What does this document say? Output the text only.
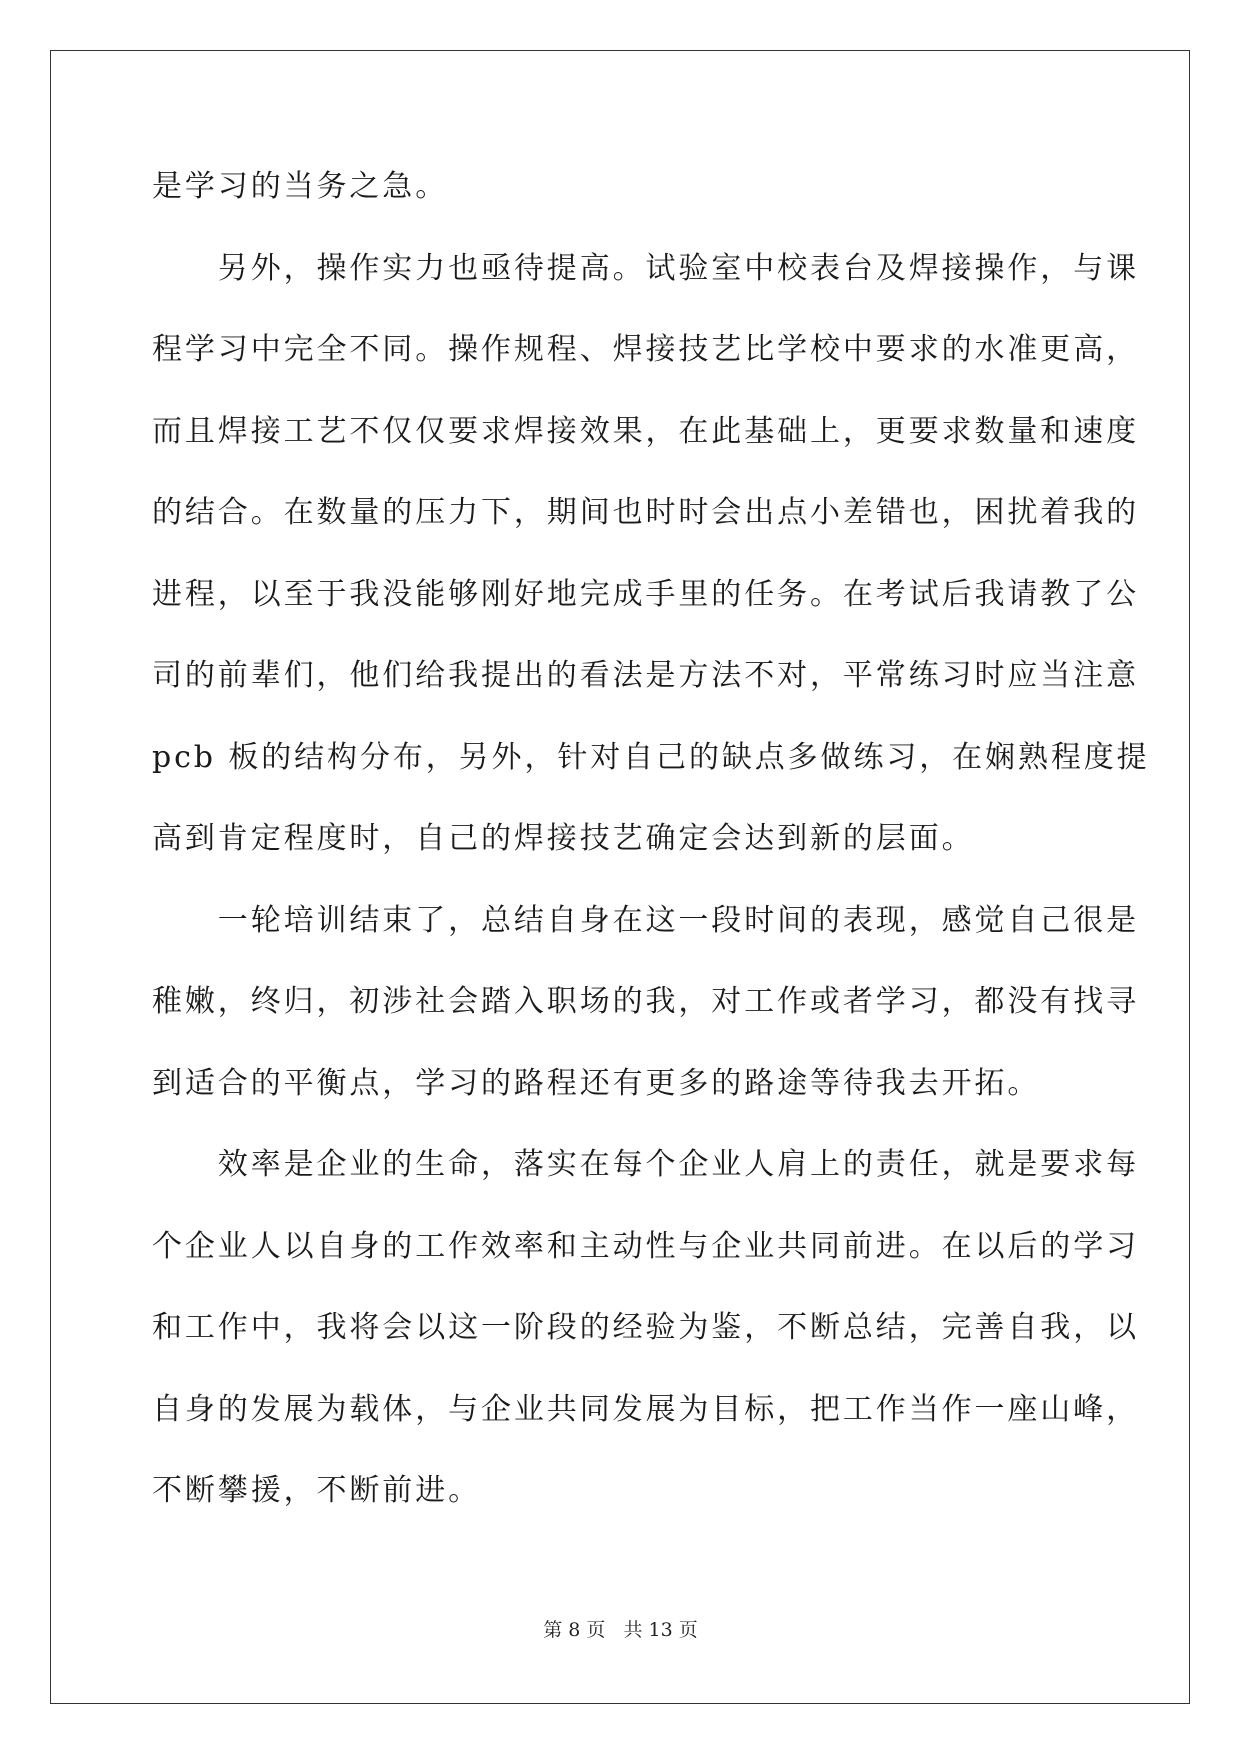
是学习的当务之急。
　　另外，操作实力也亟待提高。试验室中校表台及焊接操作，与课
程学习中完全不同。操作规程、焊接技艺比学校中要求的水准更高，
而且焊接工艺不仅仅要求焊接效果，在此基础上，更要求数量和速度
的结合。在数量的压力下，期间也时时会出点小差错也，困扰着我的
进程，以至于我没能够刚好地完成手里的任务。在考试后我请教了公
司的前辈们，他们给我提出的看法是方法不对，平常练习时应当注意
pcb 板的结构分布，另外，针对自己的缺点多做练习，在娴熟程度提
高到肯定程度时，自己的焊接技艺确定会达到新的层面。
　　一轮培训结束了，总结自身在这一段时间的表现，感觉自己很是
稚嫩，终归，初涉社会踏入职场的我，对工作或者学习，都没有找寻
到适合的平衡点，学习的路程还有更多的路途等待我去开拓。
　　效率是企业的生命，落实在每个企业人肩上的责任，就是要求每
个企业人以自身的工作效率和主动性与企业共同前进。在以后的学习
和工作中，我将会以这一阶段的经验为鉴，不断总结，完善自我，以
自身的发展为载体，与企业共同发展为目标，把工作当作一座山峰，
不断攀援，不断前进。
第 8 页 共 13 页
